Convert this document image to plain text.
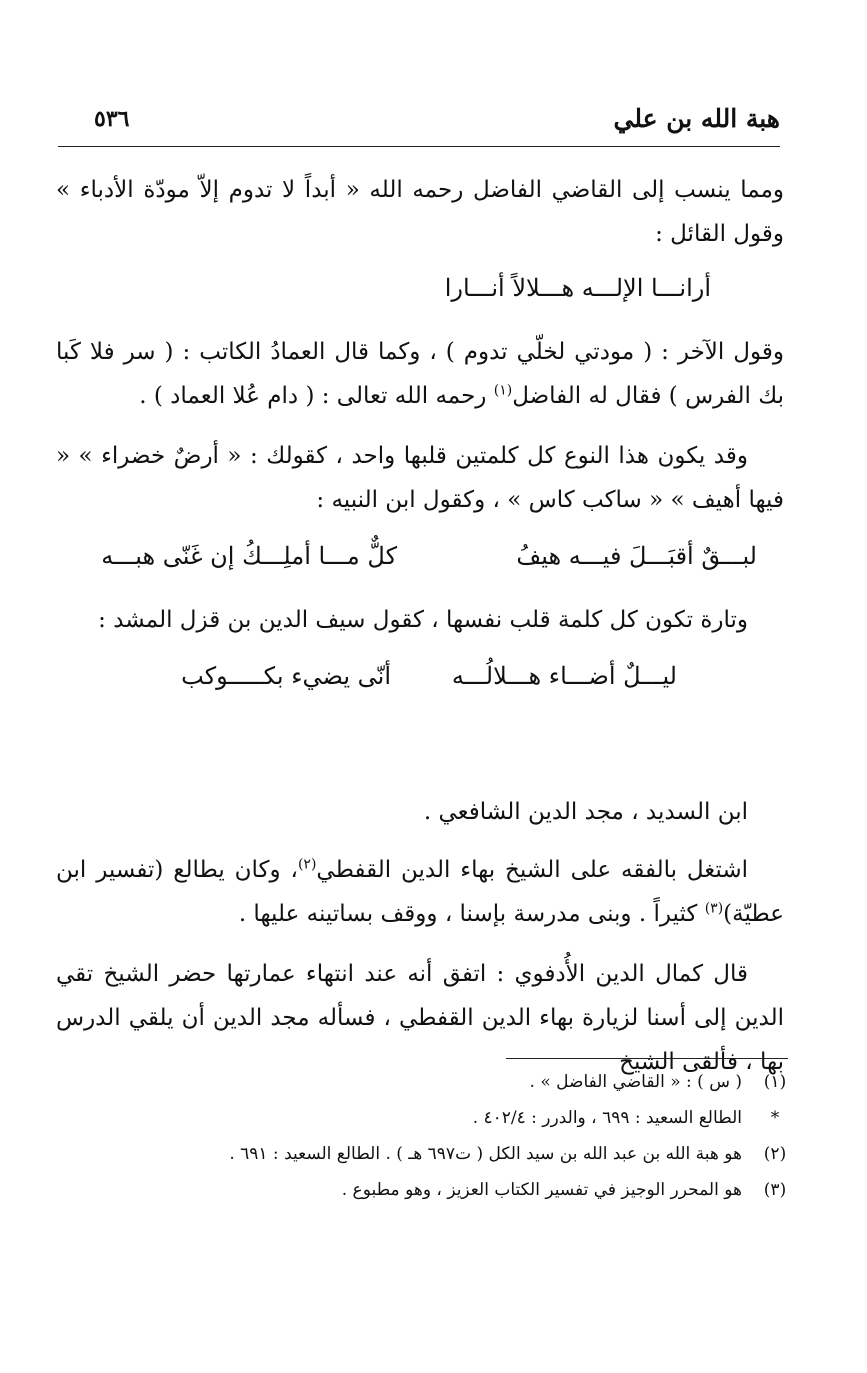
هبة الله بن علي
٥٣٦
ومما ينسب إلى القاضي الفاضل رحمه الله « أبداً لا تدوم إلاّ مودّة الأدباء » وقول القائل :
أرانـــا الإلـــه هـــلالاً أنـــارا
وقول الآخر : ( مودتي لخلّي تدوم ) ، وكما قال العمادُ الكاتب : ( سر فلا كَبا بك الفرس ) فقال له الفاضل$^{(١)}$ رحمه الله تعالى : ( دام عُلا العماد ) .
وقد يكون هذا النوع كل كلمتين قلبها واحد ، كقولك : « أرضٌ خضراء » « فيها أهيف » « ساكب كاس » ، وكقول ابن النبيه :
لبـــقٌ أقبَـــلَ فيـــه هيفُ
كلٌّ مـــا أملِـــكُ إن غَنّى هبـــه
وتارة تكون كل كلمة قلب نفسها ، كقول سيف الدين بن قزل المشد :
ليـــلٌ أضـــاء هـــلالُـــه
أنّى يضيء بكـــــوكب
ابن السديد ، مجد الدين الشافعي .
اشتغل بالفقه على الشيخ بهاء الدين القفطي$^{(٢)}$، وكان يطالع (تفسير ابن عطيّة)$^{(٣)}$ كثيراً . وبنى مدرسة بإسنا ، ووقف بساتينه عليها .
قال كمال الدين الأُدفوي : اتفق أنه عند انتهاء عمارتها حضر الشيخ تقي الدين إلى أسنا لزيارة بهاء الدين القفطي ، فسأله مجد الدين أن يلقي الدرس بها ، فألقى الشيخ
(١)
( س ) : « القاضي الفاضل » .
*
الطالع السعيد : ٦٩٩ ، والدرر : ٤٠٢/٤ .
(٢)
هو هبة الله بن عبد الله بن سيد الكل ( ت٦٩٧ هـ ) . الطالع السعيد : ٦٩١ .
(٣)
هو المحرر الوجيز في تفسير الكتاب العزيز ، وهو مطبوع .
